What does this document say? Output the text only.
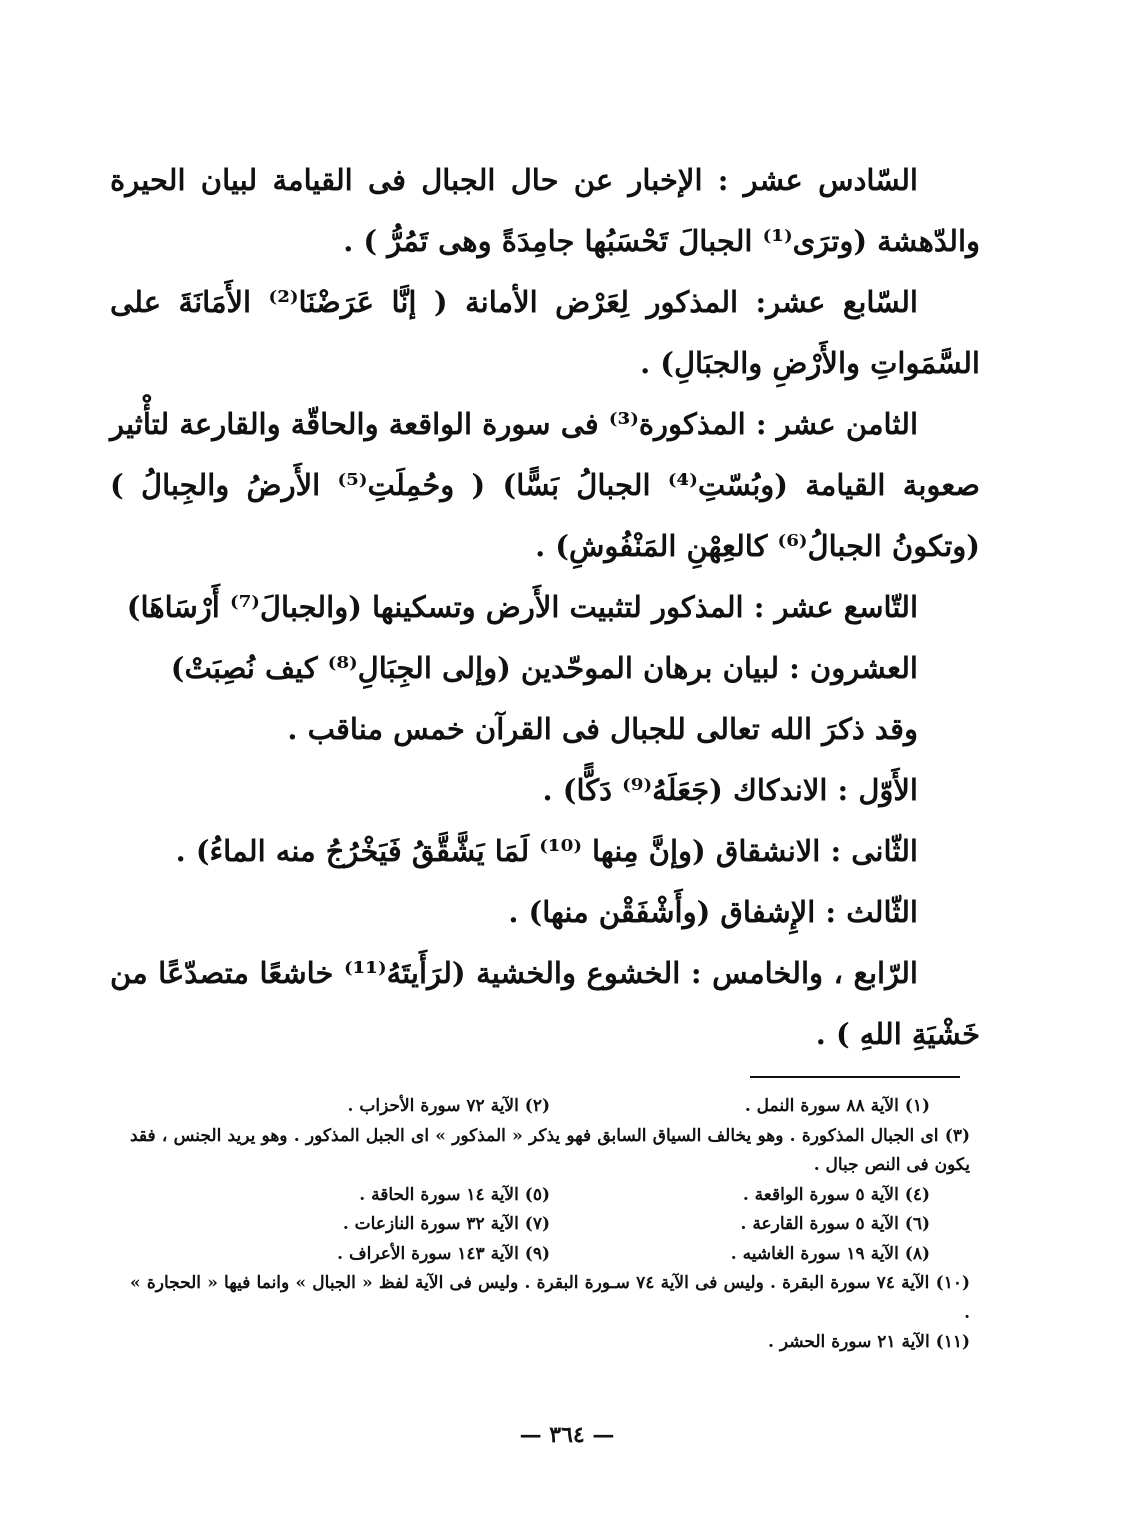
السّادس عشر : الإخبار عن حال الجبال فى القيامة لبيان الحيرة والدّهشة (وترَى⁽¹⁾ الجبالَ تَحْسَبُها جامِدَةً وهى تَمُرُّ ) .

السّابع عشر: المذكور لِعَرْض الأمانة ( إنَّا عَرَضْنَا⁽²⁾ الأَمَانَةَ على السَّمَواتِ والأَرْضِ والجبَالِ) .

الثامن عشر : المذكورة⁽³⁾ فى سورة الواقعة والحاقّة والقارعة لتأْثير صعوبة القيامة (وبُسّتِ⁽⁴⁾ الجبالُ بَسًّا) ( وحُمِلَتِ⁽⁵⁾ الأَرضُ والجِبالُ ) (وتكونُ الجبالُ⁽⁶⁾ كالعِهْنِ المَنْفُوشِ) .

التّاسع عشر : المذكور لتثبيت الأَرض وتسكينها (والجبالَ⁽⁷⁾ أَرْسَاهَا)

العشرون : لبيان برهان الموحّدين (وإلى الجِبَالِ⁽⁸⁾ كيف نُصِبَتْ)

وقد ذكرَ الله تعالى للجبال فى القرآن خمس مناقب .

الأَوّل : الاندكاك (جَعَلَهُ⁽⁹⁾ دَكًّا) .

الثّانى : الانشقاق (وإنَّ مِنها ⁽¹⁰⁾ لَمَا يَشَّقَّقُ فَيَخْرُجُ منه الماءُ) .

الثّالث : الإِشفاق (وأَشْفَقْن منها) .

الرّابع ، والخامس : الخشوع والخشية (لرَأَيتَهُ⁽¹¹⁾ خاشعًا متصدّعًا من خَشْيَةِ اللهِ ) .

(١) الآية ٨٨ سورة النمل .
(٢) الآية ٧٢ سورة الأحزاب .

(٣) اى الجبال المذكورة . وهو يخالف السياق السابق فهو يذكر « المذكور » اى الجبل المذكور . وهو يريد الجنس ، فقد يكون فى النص جبال .

(٤) الآية ٥ سورة الواقعة .
(٥) الآية ١٤ سورة الحاقة .
(٦) الآية ٥ سورة القارعة .
(٧) الآية ٣٢ سورة النازعات .
(٨) الآية ١٩ سورة الغاشيه .
(٩) الآية ١٤٣ سورة الأعراف .

(١٠) الآية ٧٤ سورة البقرة . وليس فى الآية ٧٤ سـورة البقرة . وليس فى الآية لفظ « الجبال » وانما فيها « الحجارة » .

(١١) الآية ٢١ سورة الحشر .

— ٣٦٤ —
